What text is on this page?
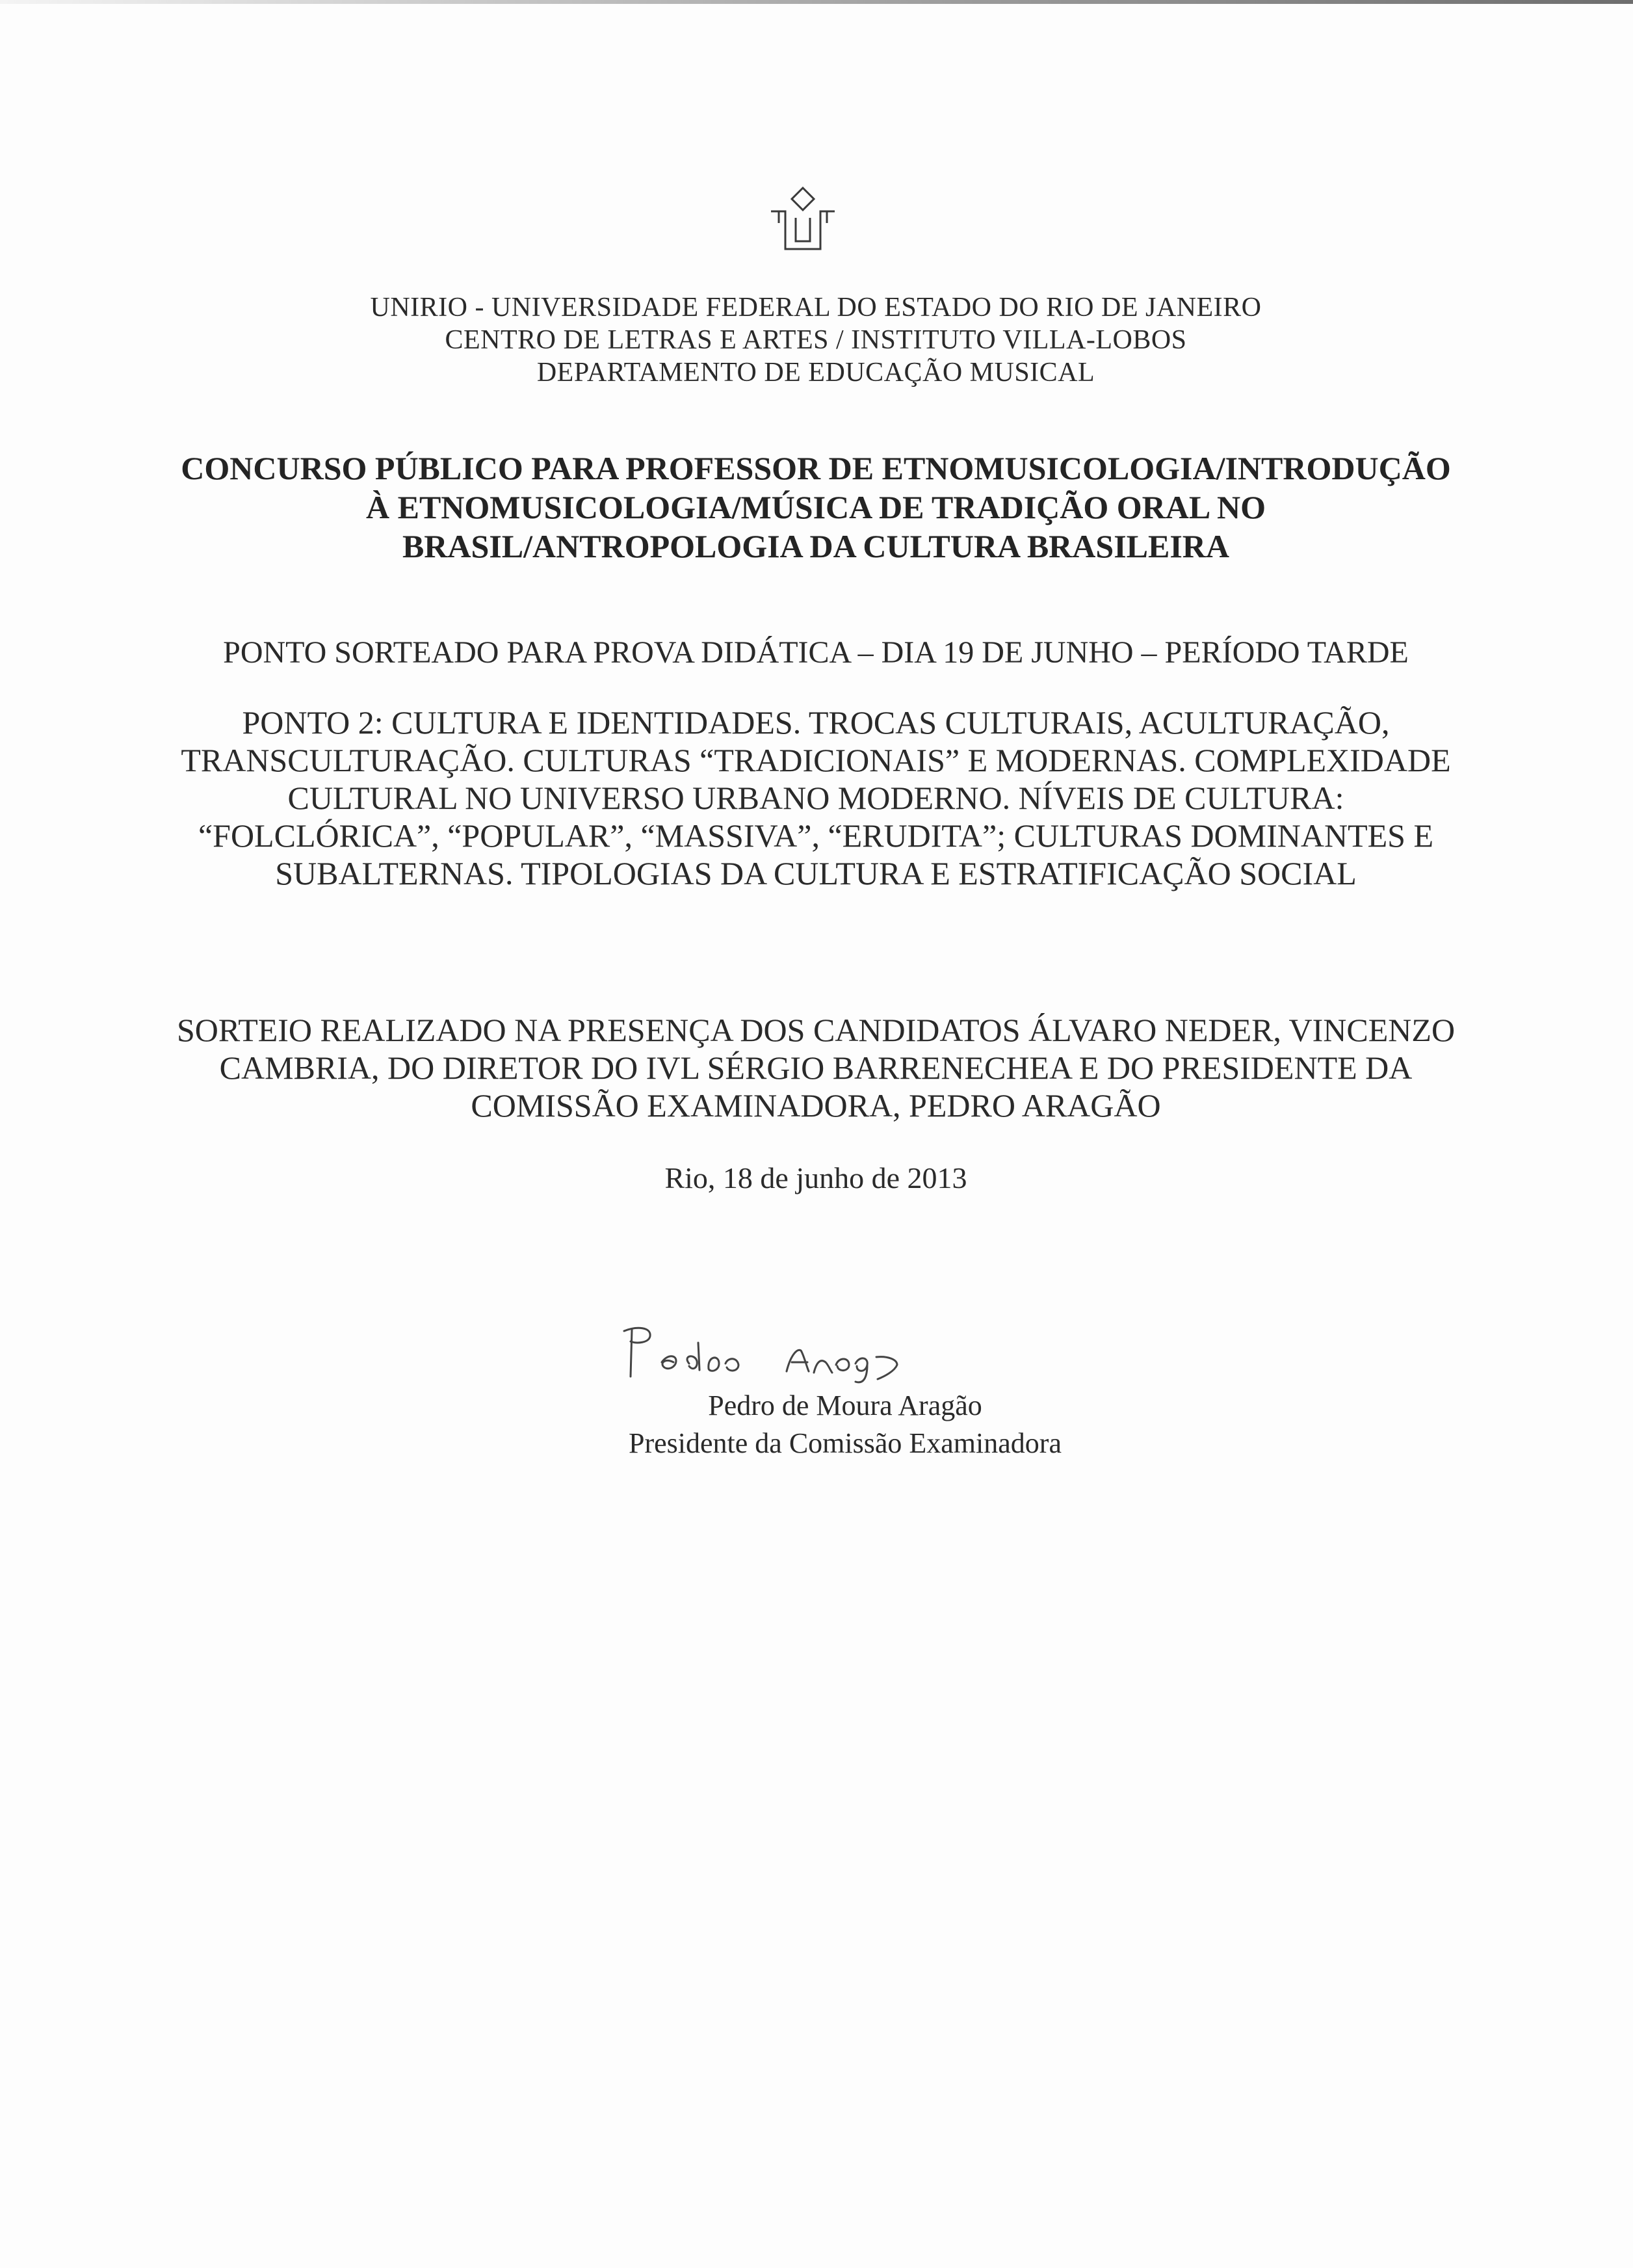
UNIRIO - UNIVERSIDADE FEDERAL DO ESTADO DO RIO DE JANEIRO
CENTRO DE LETRAS E ARTES / INSTITUTO VILLA-LOBOS
DEPARTAMENTO DE EDUCAÇÃO MUSICAL
CONCURSO PÚBLICO PARA PROFESSOR DE ETNOMUSICOLOGIA/INTRODUÇÃO
À ETNOMUSICOLOGIA/MÚSICA DE TRADIÇÃO ORAL NO
BRASIL/ANTROPOLOGIA DA CULTURA BRASILEIRA
PONTO SORTEADO PARA PROVA DIDÁTICA – DIA 19 DE JUNHO – PERÍODO TARDE
PONTO 2: CULTURA E IDENTIDADES. TROCAS CULTURAIS, ACULTURAÇÃO,
TRANSCULTURAÇÃO. CULTURAS “TRADICIONAIS” E MODERNAS. COMPLEXIDADE
CULTURAL NO UNIVERSO URBANO MODERNO. NÍVEIS DE CULTURA:
“FOLCLÓRICA”, “POPULAR”, “MASSIVA”, “ERUDITA”; CULTURAS DOMINANTES E
SUBALTERNAS. TIPOLOGIAS DA CULTURA E ESTRATIFICAÇÃO SOCIAL
SORTEIO REALIZADO NA PRESENÇA DOS CANDIDATOS ÁLVARO NEDER, VINCENZO
CAMBRIA, DO DIRETOR DO IVL SÉRGIO BARRENECHEA E DO PRESIDENTE DA
COMISSÃO EXAMINADORA, PEDRO ARAGÃO
Rio, 18 de junho de 2013
Pedro de Moura Aragão
Presidente da Comissão Examinadora
